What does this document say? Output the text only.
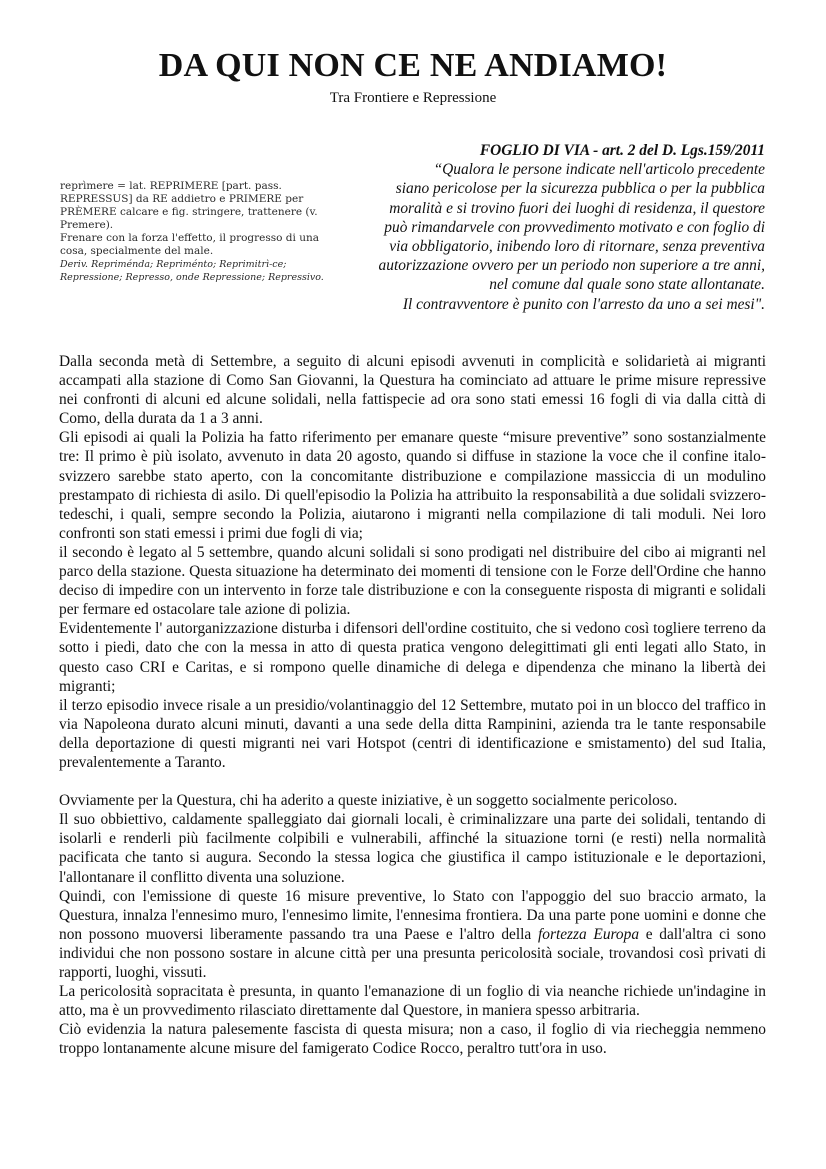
DA QUI NON CE NE ANDIAMO!
Tra Frontiere e Repressione
reprìmere = lat. REPRIMERE [part. pass. REPRESSUS] da RE addietro e PRIMERE per PRÈMERE calcare e fig. stringere, trattenere (v. Premere).
Frenare con la forza l'effetto, il progresso di una cosa, specialmente del male.
Deriv. Repriménda; Repriménto; Reprimitrì-ce; Repressione; Represso, onde Repressione; Repressivo.
FOGLIO DI VIA - art. 2 del D. Lgs.159/2011
“Qualora le persone indicate nell'articolo precedente
siano pericolose per la sicurezza pubblica o per la pubblica
moralità e si trovino fuori dei luoghi di residenza, il questore
può rimandarvele con provvedimento motivato e con foglio di
via obbligatorio, inibendo loro di ritornare, senza preventiva
autorizzazione ovvero per un periodo non superiore a tre anni,
nel comune dal quale sono state allontanate.
Il contravventore è punito con l'arresto da uno a sei mesi".

Dalla seconda metà di Settembre, a seguito di alcuni episodi avvenuti in complicità e solidarietà ai migranti accampati alla stazione di Como San Giovanni, la Questura ha cominciato ad attuare le prime misure repressive nei confronti di alcuni ed alcune solidali, nella fattispecie ad ora sono stati emessi 16 fogli di via dalla città di Como, della durata da 1 a 3 anni.

Gli episodi ai quali la Polizia ha fatto riferimento per emanare queste “misure preventive” sono sostanzialmente tre: Il primo è più isolato, avvenuto in data 20 agosto, quando si diffuse in stazione la voce che il confine italo-svizzero sarebbe stato aperto, con la concomitante distribuzione e compilazione massiccia di un modulino prestampato di richiesta di asilo. Di quell'episodio la Polizia ha attribuito la responsabilità a due solidali svizzero-tedeschi, i quali, sempre secondo la Polizia, aiutarono i migranti nella compilazione di tali moduli. Nei loro confronti son stati emessi i primi due fogli di via;

il secondo è legato al 5 settembre, quando alcuni solidali si sono prodigati nel distribuire del cibo ai migranti nel parco della stazione. Questa situazione ha determinato dei momenti di tensione con le Forze dell'Ordine che hanno deciso di impedire con un intervento in forze tale distribuzione e con la conseguente risposta di migranti e solidali per fermare ed ostacolare tale azione di polizia.

Evidentemente l' autorganizzazione disturba i difensori dell'ordine costituito, che si vedono così togliere terreno da sotto i piedi, dato che con la messa in atto di questa pratica vengono delegittimati gli enti legati allo Stato, in questo caso CRI e Caritas, e si rompono quelle dinamiche di delega e dipendenza che minano la libertà dei migranti;

il terzo episodio invece risale a un presidio/volantinaggio del 12 Settembre, mutato poi in un blocco del traffico in via Napoleona durato alcuni minuti, davanti a una sede della ditta Rampinini, azienda tra le tante responsabile della deportazione di questi migranti nei vari Hotspot (centri di identificazione e smistamento) del sud Italia, prevalentemente a Taranto.

Ovviamente per la Questura, chi ha aderito a queste iniziative, è un soggetto socialmente pericoloso.

Il suo obbiettivo, caldamente spalleggiato dai giornali locali, è criminalizzare una parte dei solidali, tentando di isolarli e renderli più facilmente colpibili e vulnerabili, affinché la situazione torni (e resti) nella normalità pacificata che tanto si augura. Secondo la stessa logica che giustifica il campo istituzionale e le deportazioni, l'allontanare il conflitto diventa una soluzione.

Quindi, con l'emissione di queste 16 misure preventive, lo Stato con l'appoggio del suo braccio armato, la Questura, innalza l'ennesimo muro, l'ennesimo limite, l'ennesima frontiera. Da una parte pone uomini e donne che non possono muoversi liberamente passando tra una Paese e l'altro della fortezza Europa e dall'altra ci sono individui che non possono sostare in alcune città per una presunta pericolosità sociale, trovandosi così privati di rapporti, luoghi, vissuti.

La pericolosità sopracitata è presunta, in quanto l'emanazione di un foglio di via neanche richiede un'indagine in atto, ma è un provvedimento rilasciato direttamente dal Questore, in maniera spesso arbitraria.

Ciò evidenzia la natura palesemente fascista di questa misura; non a caso, il foglio di via riecheggia nemmeno troppo lontanamente alcune misure del famigerato Codice Rocco, peraltro tutt'ora in uso.
